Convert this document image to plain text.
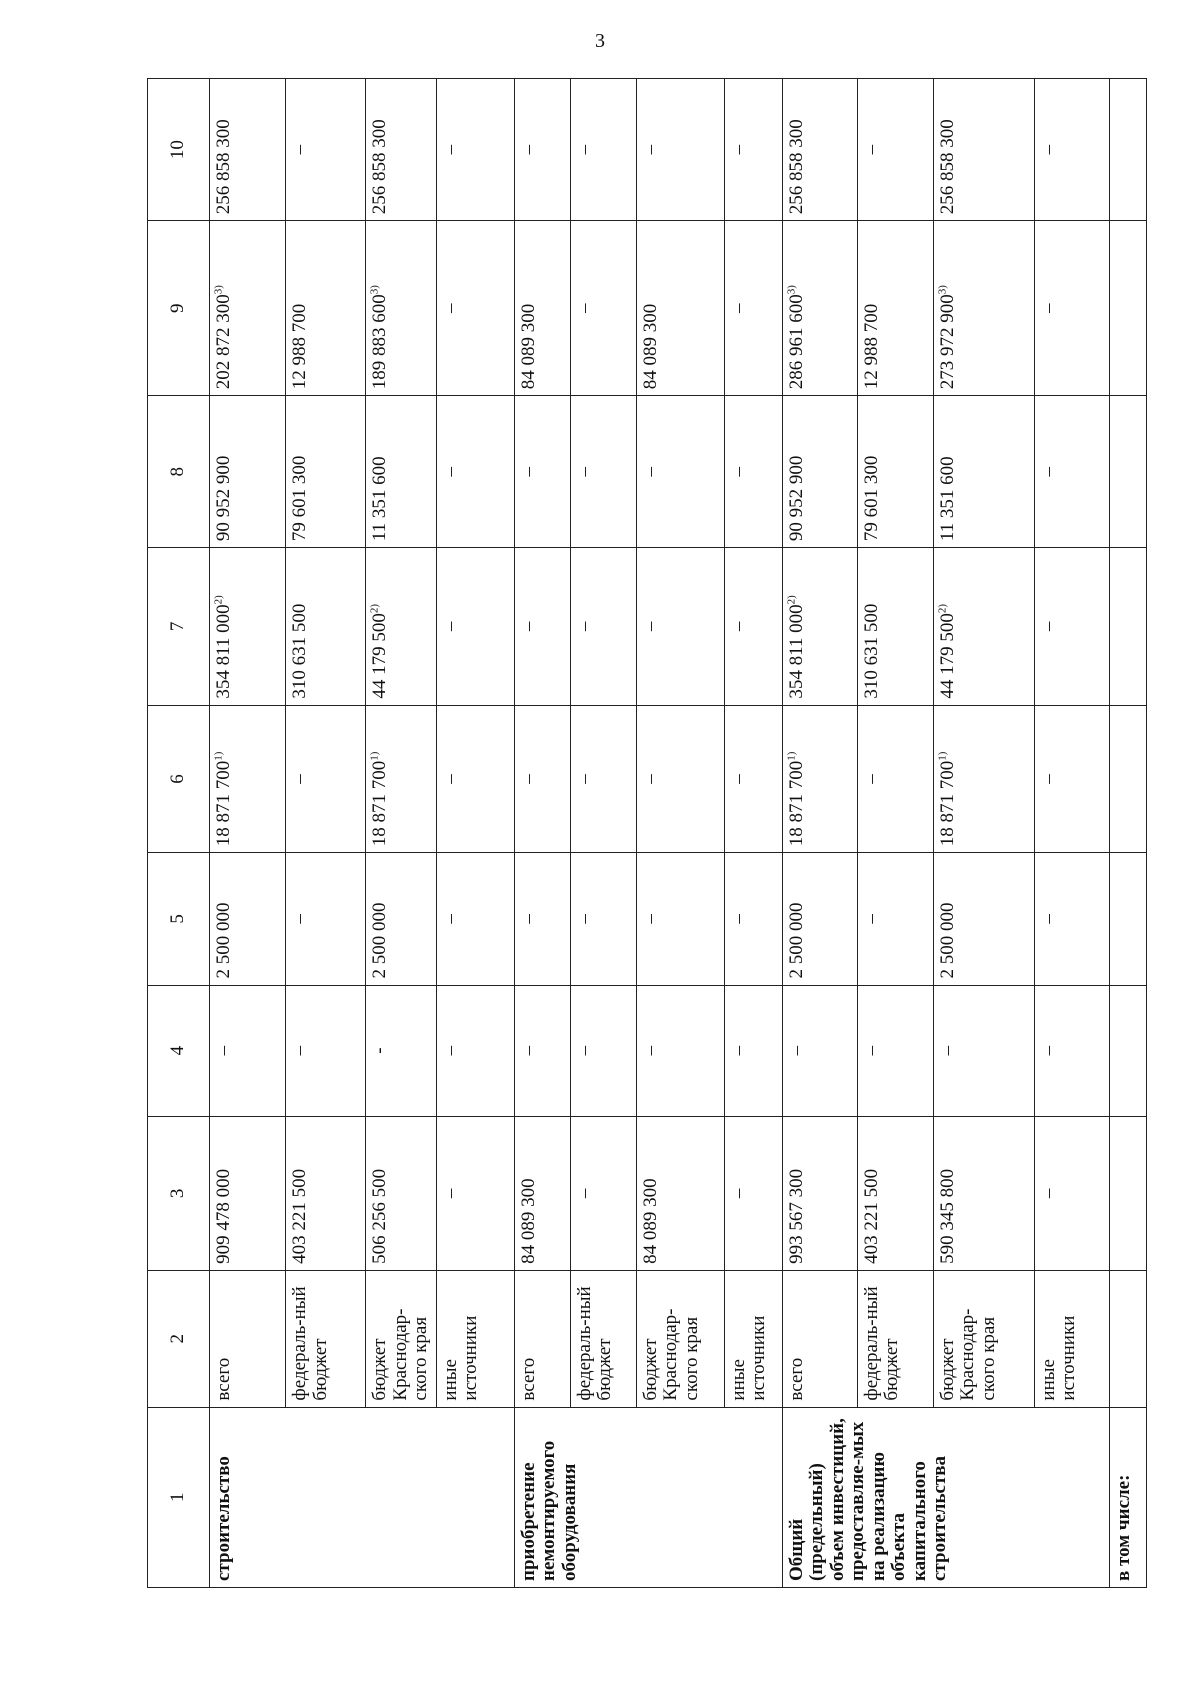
3
1	2	3	4	5	6	7	8	9	10
строительство	всего	909 478 000	–	2 500 000	18 871 700$^{1)}$	354 811 000$^{2)}$	90 952 900	202 872 300$^{3)}$	256 858 300
	федераль-ный бюджет	403 221 500	–	–	–	310 631 500	79 601 300	12 988 700	–
	бюджет Краснодар-ского края	506 256 500	-	2 500 000	18 871 700$^{1)}$	44 179 500$^{2)}$	11 351 600	189 883 600$^{3)}$	256 858 300
	иные источники	–	–	–	–	–	–	–	–
приобретение немонтируемого оборудования	всего	84 089 300	–	–	–	–	–	84 089 300	–
	федераль-ный бюджет	–	–	–	–	–	–	–	–
	бюджет Краснодар-ского края	84 089 300	–	–	–	–	–	84 089 300	–
	иные источники	–	–	–	–	–	–	–	–
Общий (предельный) объем инвестиций, предоставляе-мых на реализацию объекта капитального строительства	всего	993 567 300	–	2 500 000	18 871 700$^{1)}$	354 811 000$^{2)}$	90 952 900	286 961 600$^{3)}$	256 858 300
	федераль-ный бюджет	403 221 500	–	–	–	310 631 500	79 601 300	12 988 700	–
	бюджет Краснодар-ского края	590 345 800	–	2 500 000	18 871 700$^{1)}$	44 179 500$^{2)}$	11 351 600	273 972 900$^{3)}$	256 858 300
	иные источники	–	–	–	–	–	–	–	–
в том числе:									
